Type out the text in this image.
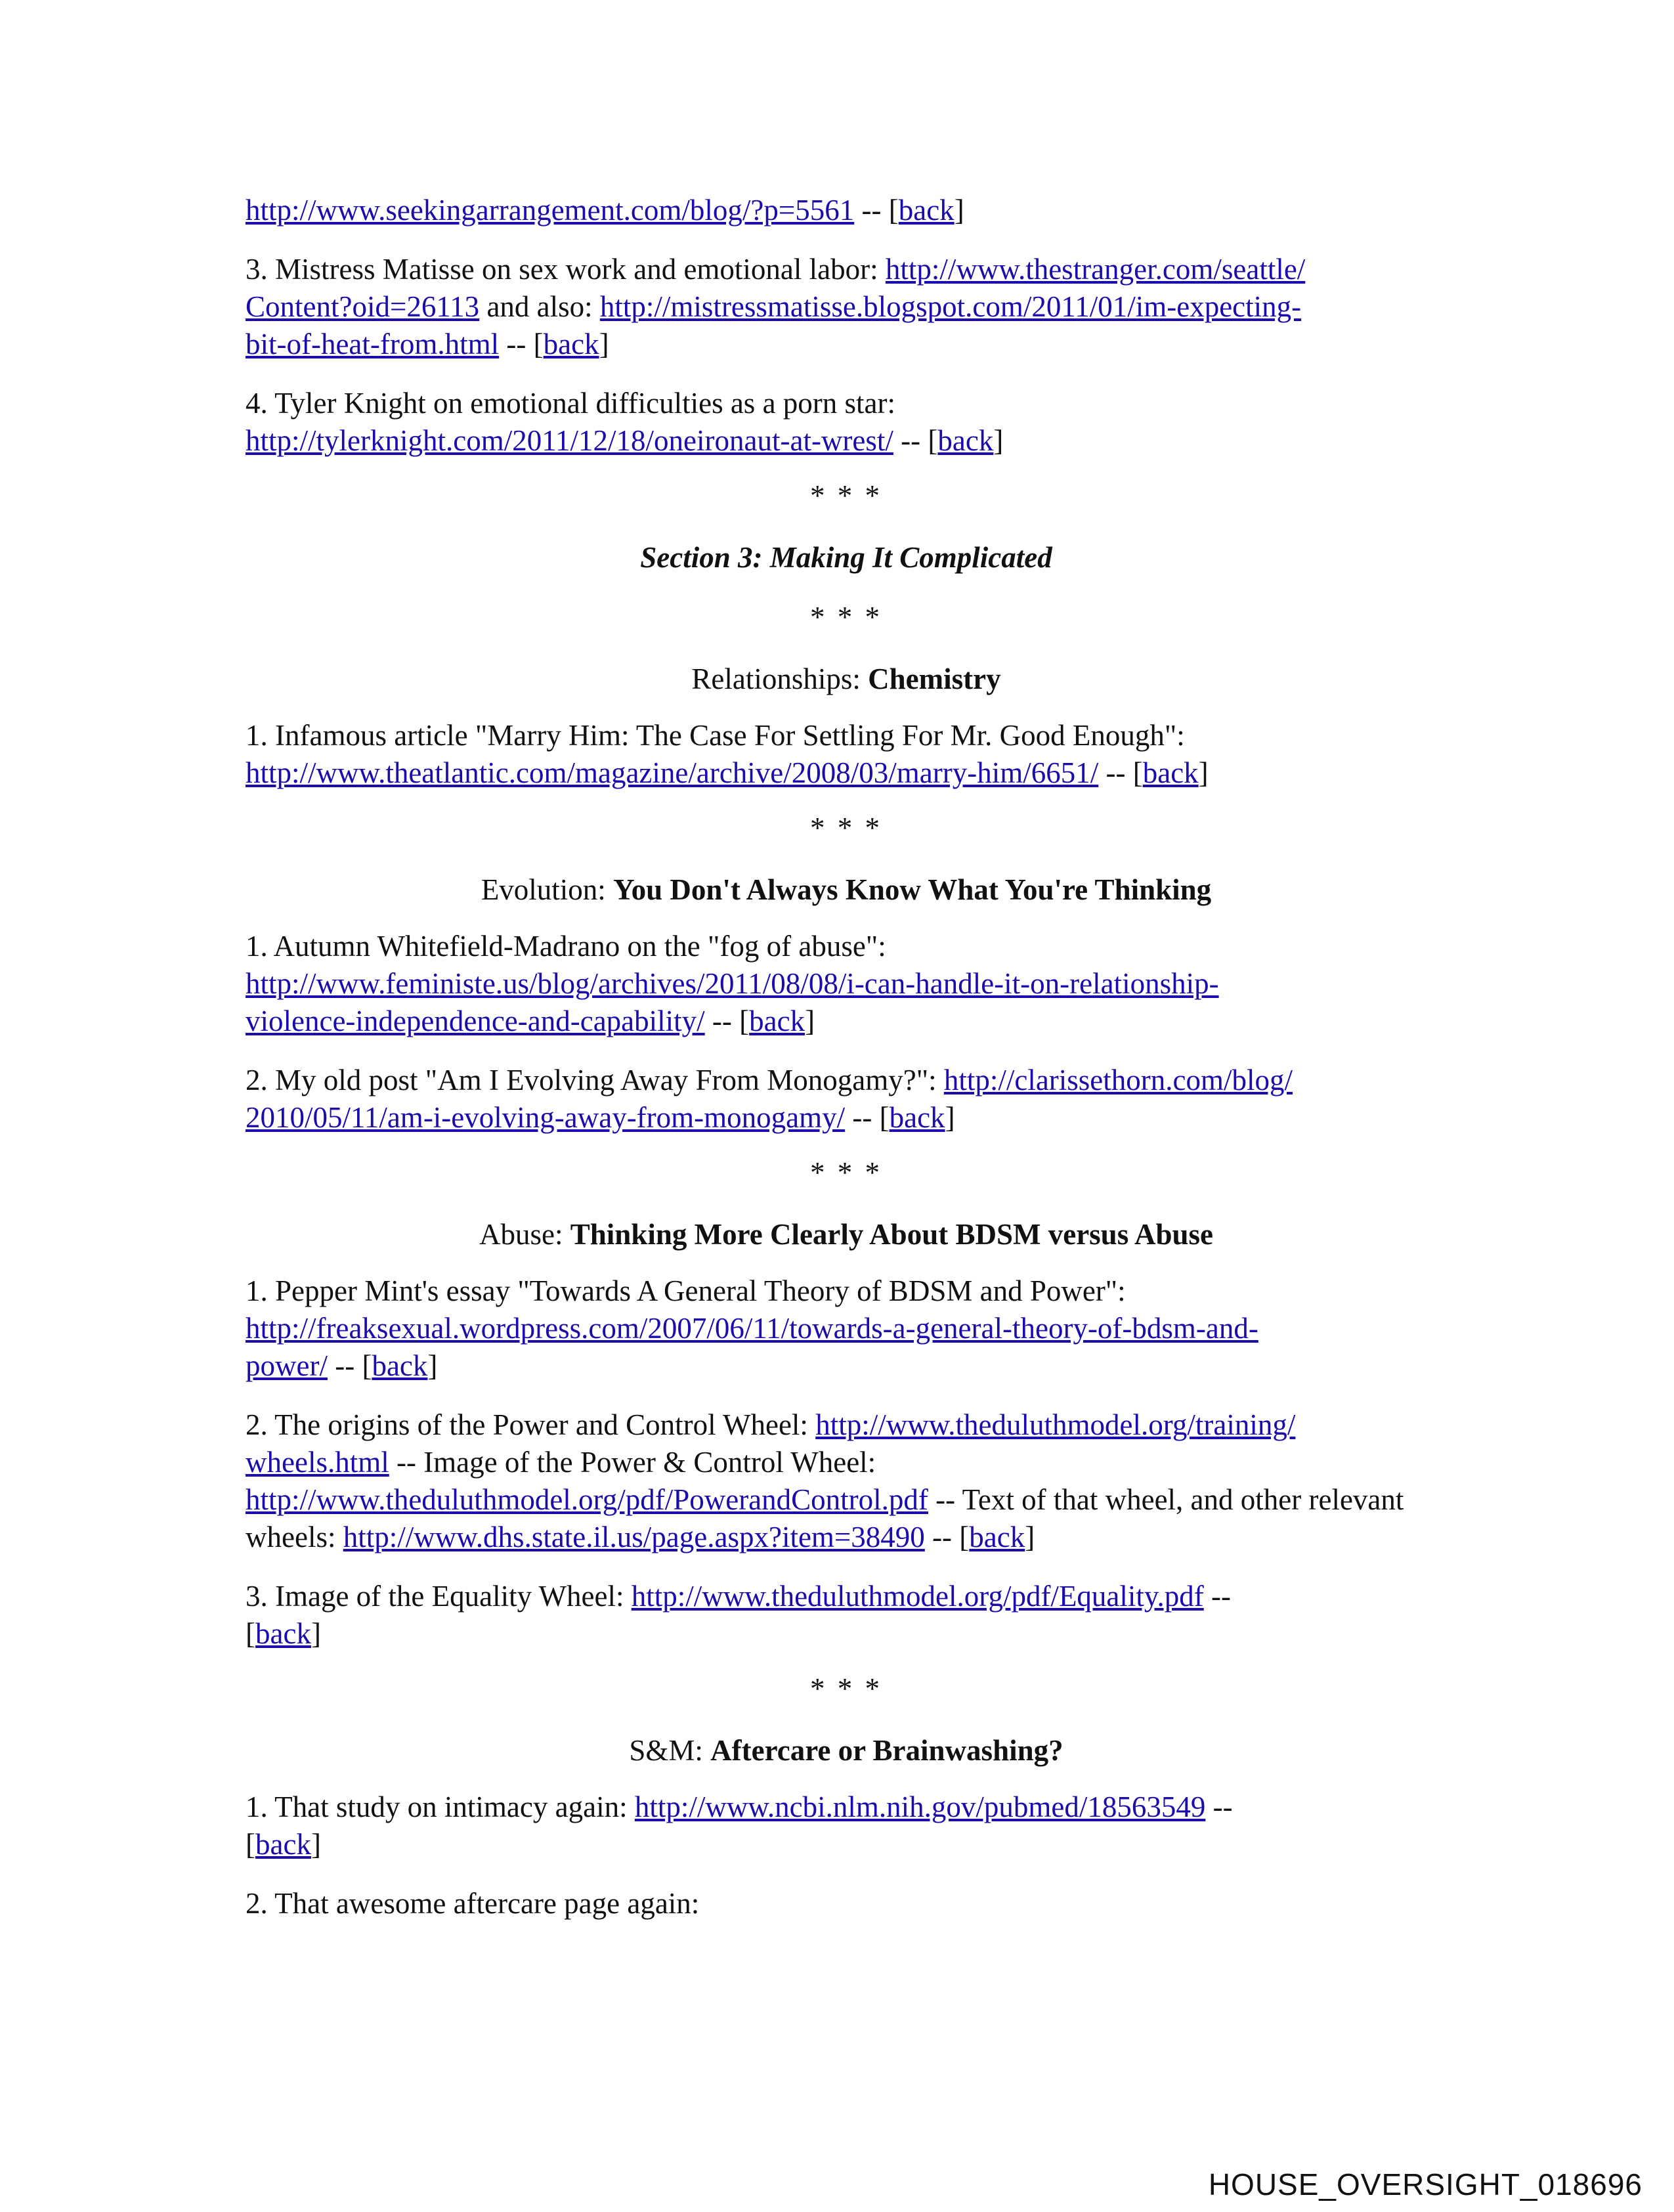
http://www.seekingarrangement.com/blog/?p=5561 -- [back]

3. Mistress Matisse on sex work and emotional labor: http://www.thestranger.com/seattle/
Content?oid=26113 and also: http://mistressmatisse.blogspot.com/2011/01/im-expecting-
bit-of-heat-from.html -- [back]

4. Tyler Knight on emotional difficulties as a porn star:
http://tylerknight.com/2011/12/18/oneironaut-at-wrest/ -- [back]

* * *
Section 3: Making It Complicated
* * *
Relationships: Chemistry

1. Infamous article "Marry Him: The Case For Settling For Mr. Good Enough":
http://www.theatlantic.com/magazine/archive/2008/03/marry-him/6651/ -- [back]

* * *
Evolution: You Don't Always Know What You're Thinking

1. Autumn Whitefield-Madrano on the "fog of abuse":
http://www.feministe.us/blog/archives/2011/08/08/i-can-handle-it-on-relationship-
violence-independence-and-capability/ -- [back]

2. My old post "Am I Evolving Away From Monogamy?": http://clarissethorn.com/blog/
2010/05/11/am-i-evolving-away-from-monogamy/ -- [back]

* * *
Abuse: Thinking More Clearly About BDSM versus Abuse

1. Pepper Mint's essay "Towards A General Theory of BDSM and Power":
http://freaksexual.wordpress.com/2007/06/11/towards-a-general-theory-of-bdsm-and-
power/ -- [back]

2. The origins of the Power and Control Wheel: http://www.theduluthmodel.org/training/
wheels.html -- Image of the Power & Control Wheel:
http://www.theduluthmodel.org/pdf/PowerandControl.pdf -- Text of that wheel, and other relevant wheels: http://www.dhs.state.il.us/page.aspx?item=38490 -- [back]

3. Image of the Equality Wheel: http://www.theduluthmodel.org/pdf/Equality.pdf --
[back]

* * *
S&M: Aftercare or Brainwashing?

1. That study on intimacy again: http://www.ncbi.nlm.nih.gov/pubmed/18563549 --
[back]

2. That awesome aftercare page again:

HOUSE_OVERSIGHT_018696
